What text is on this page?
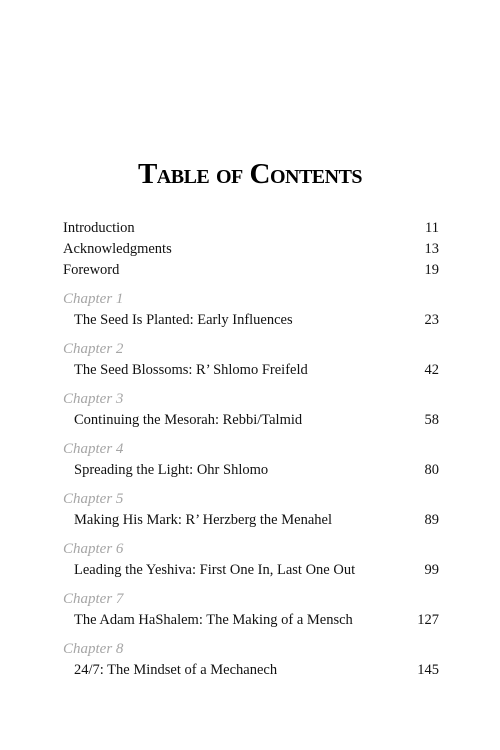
Table of Contents
Introduction	11
Acknowledgments	13
Foreword	19
Chapter 1
The Seed Is Planted: Early Influences	23
Chapter 2
The Seed Blossoms: R’ Shlomo Freifeld	42
Chapter 3
Continuing the Mesorah: Rebbi/Talmid	58
Chapter 4
Spreading the Light: Ohr Shlomo	80
Chapter 5
Making His Mark: R’ Herzberg the Menahel	89
Chapter 6
Leading the Yeshiva: First One In, Last One Out	99
Chapter 7
The Adam HaShalem: The Making of a Mensch	127
Chapter 8
24/7: The Mindset of a Mechanech	145
